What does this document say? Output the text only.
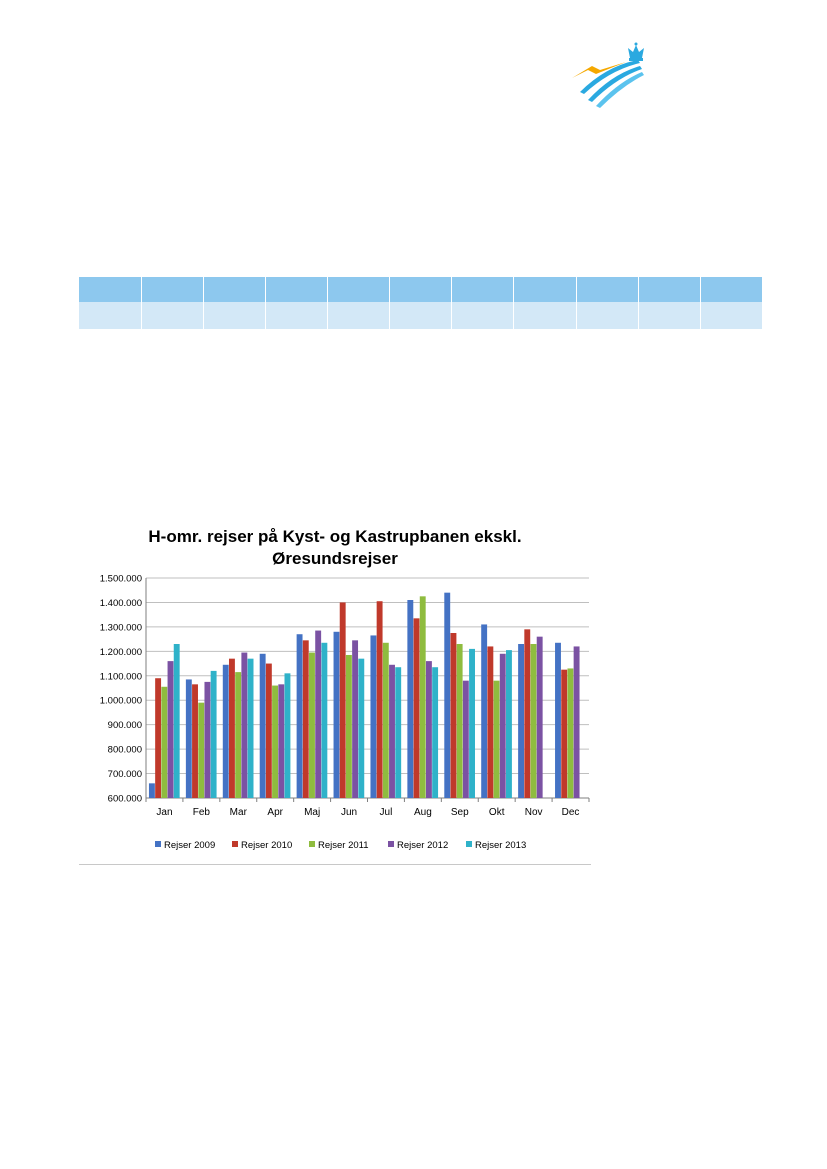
H-omr. rejser på Kyst- og Kastrupbanen ekskl.
Øresundsrejser
600.000
700.000
800.000
900.000
1.000.000
1.100.000
1.200.000
1.300.000
1.400.000
1.500.000
Jan Feb Mar Apr Maj Jun Jul Aug Sep Okt Nov Dec
Rejser 2009	Rejser 2010	Rejser 2011	Rejser 2012	Rejser 2013
